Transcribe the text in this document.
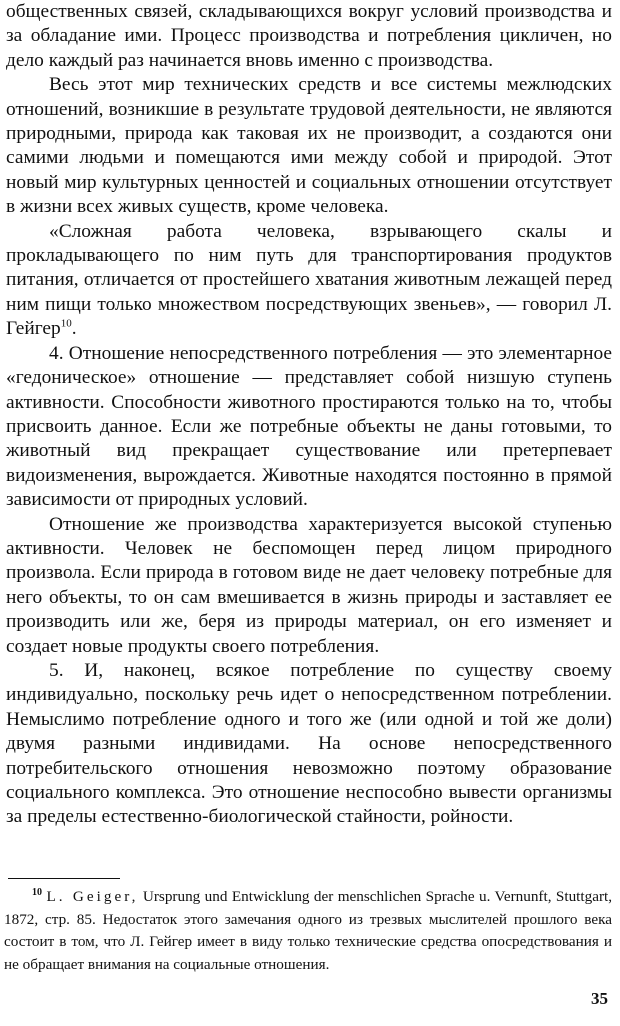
общественных связей, складывающихся вокруг условий производства и за обладание ими. Процесс производства и потребления цикличен, но дело каждый раз начинается вновь именно с производства.

Весь этот мир технических средств и все системы межлюдских отношений, возникшие в результате трудовой деятельности, не являются природными, природа как таковая их не производит, а создаются они самими людьми и помещаются ими между собой и природой. Этот новый мир культурных ценностей и социальных отношении отсутствует в жизни всех живых существ, кроме человека.

«Сложная работа человека, взрывающего скалы и прокладывающего по ним путь для транспортирования продуктов питания, отличается от простейшего хватания животным лежащей перед ним пищи только множеством посредствующих звеньев», — говорил Л. Гейгер$^{10}$.

4. Отношение непосредственного потребления — это элементарное «гедоническое» отношение — представляет собой низшую ступень активности. Способности животного простираются только на то, чтобы присвоить данное. Если же потребные объекты не даны готовыми, то животный вид прекращает существование или претерпевает видоизменения, вырождается. Животные находятся постоянно в прямой зависимости от природных условий.

Отношение же производства характеризуется высокой ступенью активности. Человек не беспомощен перед лицом природного произвола. Если природа в готовом виде не дает человеку потребные для него объекты, то он сам вмешивается в жизнь природы и заставляет ее производить или же, беря из природы материал, он его изменяет и создает новые продукты своего потребления.

5. И, наконец, всякое потребление по существу своему индивидуально, поскольку речь идет о непосредственном потреблении. Немыслимо потребление одного и того же (или одной и той же доли) двумя разными индивидами. На основе непосредственного потребительского отношения невозможно поэтому образование социального комплекса. Это отношение неспособно вывести организмы за пределы естественно-биологической стайности, ройности.

$^{10}$ L. Geiger, Ursprung und Entwicklung der menschlichen Sprache u. Vernunft, Stuttgart, 1872, стр. 85. Недостаток этого замечания одного из трезвых мыслителей прошлого века состоит в том, что Л. Гейгер имеет в виду только технические средства опосредствования и не обращает внимания на социальные отношения.

35
